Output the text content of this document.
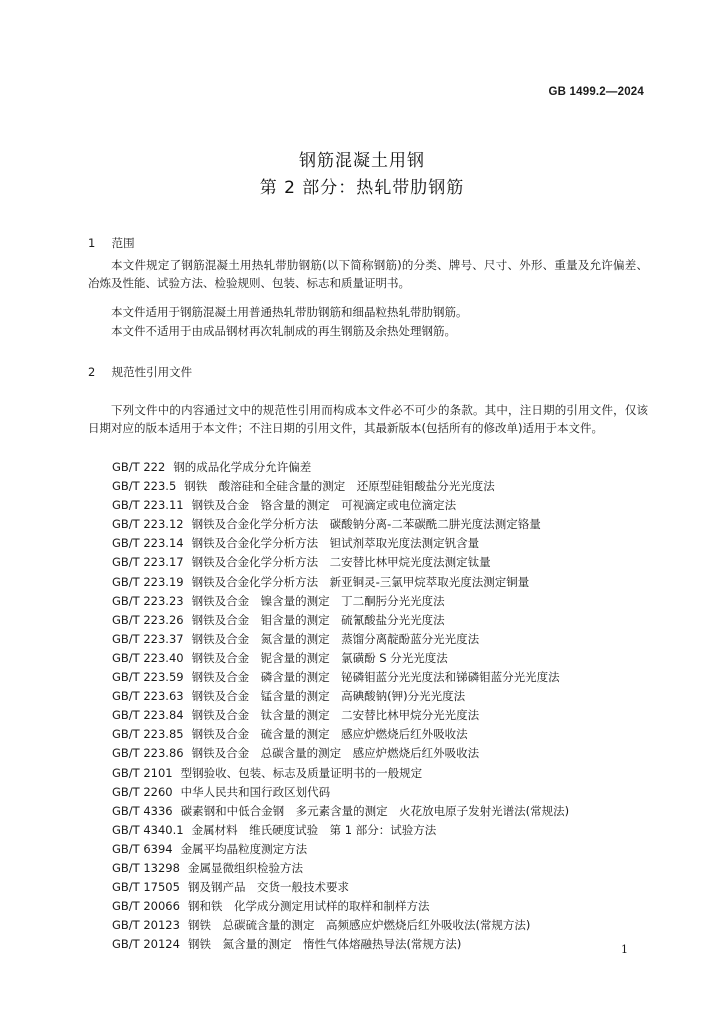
GB 1499.2—2024
钢筋混凝土用钢
第 2 部分：热轧带肋钢筋
1 范围

本文件规定了钢筋混凝土用热轧带肋钢筋(以下简称钢筋)的分类、牌号、尺寸、外形、重量及允许偏差、冶炼及性能、试验方法、检验规则、包装、标志和质量证明书。

本文件适用于钢筋混凝土用普通热轧带肋钢筋和细晶粒热轧带肋钢筋。

本文件不适用于由成品钢材再次轧制成的再生钢筋及余热处理钢筋。

2 规范性引用文件

下列文件中的内容通过文中的规范性引用而构成本文件必不可少的条款。其中，注日期的引用文件，仅该日期对应的版本适用于本文件；不注日期的引用文件，其最新版本(包括所有的修改单)适用于本文件。

GB/T 222 钢的成品化学成分允许偏差
GB/T 223.5 钢铁　酸溶硅和全硅含量的测定　还原型硅钼酸盐分光光度法
GB/T 223.11 钢铁及合金　铬含量的测定　可视滴定或电位滴定法
GB/T 223.12 钢铁及合金化学分析方法　碳酸钠分离-二苯碳酰二肼光度法测定铬量
GB/T 223.14 钢铁及合金化学分析方法　钽试剂萃取光度法测定钒含量
GB/T 223.17 钢铁及合金化学分析方法　二安替比林甲烷光度法测定钛量
GB/T 223.19 钢铁及合金化学分析方法　新亚铜灵-三氯甲烷萃取光度法测定铜量
GB/T 223.23 钢铁及合金　镍含量的测定　丁二酮肟分光光度法
GB/T 223.26 钢铁及合金　钼含量的测定　硫氰酸盐分光光度法
GB/T 223.37 钢铁及合金　氮含量的测定　蒸馏分离靛酚蓝分光光度法
GB/T 223.40 钢铁及合金　铌含量的测定　氯磺酚 S 分光光度法
GB/T 223.59 钢铁及合金　磷含量的测定　铋磷钼蓝分光光度法和锑磷钼蓝分光光度法
GB/T 223.63 钢铁及合金　锰含量的测定　高碘酸钠(钾)分光光度法
GB/T 223.84 钢铁及合金　钛含量的测定　二安替比林甲烷分光光度法
GB/T 223.85 钢铁及合金　硫含量的测定　感应炉燃烧后红外吸收法
GB/T 223.86 钢铁及合金　总碳含量的测定　感应炉燃烧后红外吸收法
GB/T 2101 型钢验收、包装、标志及质量证明书的一般规定
GB/T 2260 中华人民共和国行政区划代码
GB/T 4336 碳素钢和中低合金钢　多元素含量的测定　火花放电原子发射光谱法(常规法)
GB/T 4340.1 金属材料　维氏硬度试验　第 1 部分：试验方法
GB/T 6394 金属平均晶粒度测定方法
GB/T 13298 金属显微组织检验方法
GB/T 17505 钢及钢产品　交货一般技术要求
GB/T 20066 钢和铁　化学成分测定用试样的取样和制样方法
GB/T 20123 钢铁　总碳硫含量的测定　高频感应炉燃烧后红外吸收法(常规方法)
GB/T 20124 钢铁　氮含量的测定　惰性气体熔融热导法(常规方法)	1
